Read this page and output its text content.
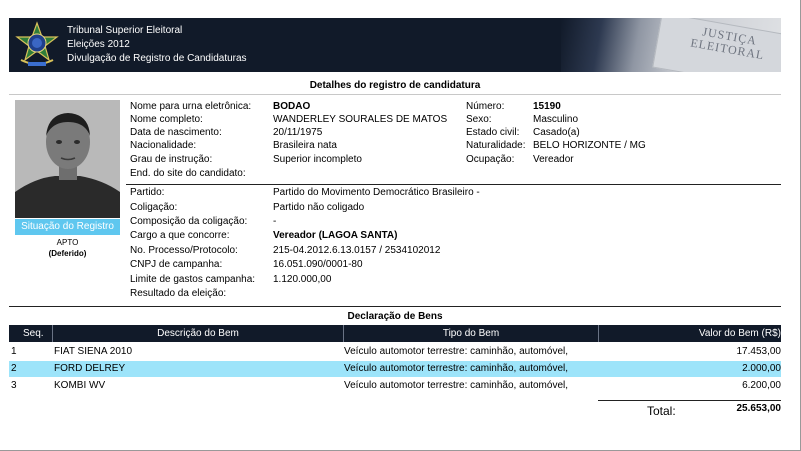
Tribunal Superior Eleitoral
Eleições 2012
Divulgação de Registro de Candidaturas
JUSTIÇA ELEITORAL
Detalhes do registro de candidatura
Situação do Registro
APTO
(Deferido)
Nome para urna eletrônica: BODAO
Nome completo:	WANDERLEY SOURALES DE MATOS
Data de nascimento:	20/11/1975
Nacionalidade:	Brasileira nata
Grau de instrução:	Superior incompleto
End. do site do candidato:
Número:	15190
Sexo:	Masculino
Estado civil: Casado(a)
Naturalidade: BELO HORIZONTE / MG
Ocupação: Vereador
Partido:	Partido do Movimento Democrático Brasileiro -
Coligação:	Partido não coligado
Composição da coligação:	-
Cargo a que concorre:	Vereador (LAGOA SANTA)
No. Processo/Protocolo:	215-04.2012.6.13.0157 / 2534102012
CNPJ de campanha:	16.051.090/0001-80
Limite de gastos campanha: 1.120.000,00
Resultado da eleição:
Declaração de Bens
Seq.	Descrição do Bem	Tipo do Bem	Valor do Bem (R$)
1	FIAT SIENA 2010	Veículo automotor terrestre: caminhão, automóvel,	17.453,00
2	FORD DELREY	Veículo automotor terrestre: caminhão, automóvel,	2.000,00
3	KOMBI WV	Veículo automotor terrestre: caminhão, automóvel,	6.200,00
Total:	25.653,00
